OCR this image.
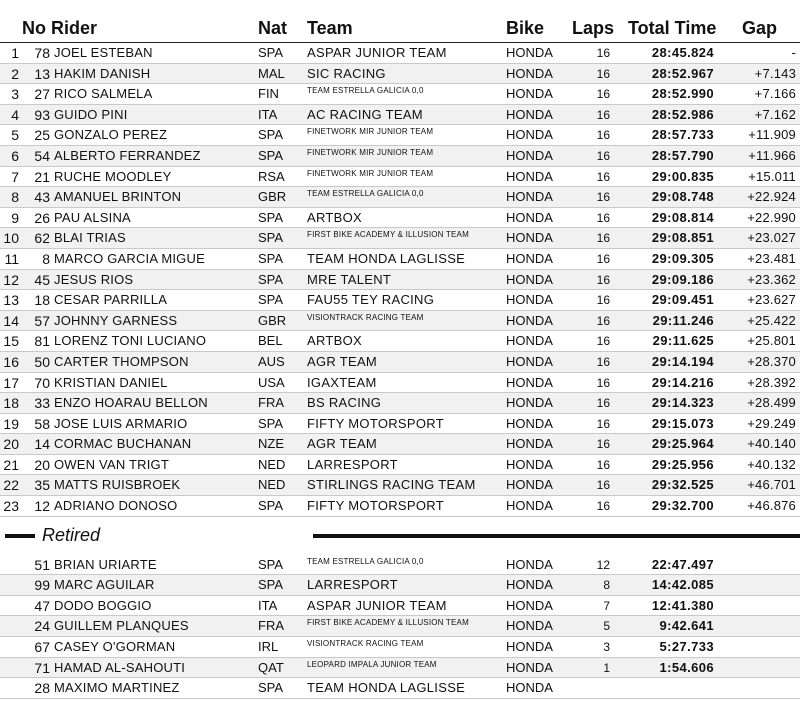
No Rider	Nat Team	Bike Laps Total Time Gap
1	78 JOEL ESTEBAN	SPA ASPAR JUNIOR TEAM	HONDA	16	28:45.824	-
2	13 HAKIM DANISH	MAL SIC RACING	HONDA	16	28:52.967	+7.143
3	27 RICO SALMELA	FIN	TEAM ESTRELLA GALICIA 0,0	HONDA	16	28:52.990	+7.166
4	93 GUIDO PINI	ITA AC RACING TEAM	HONDA	16	28:52.986	+7.162
5	25 GONZALO PEREZ	SPA	FINETWORK MIR JUNIOR TEAM	HONDA	16	28:57.733	+11.909
6	54 ALBERTO FERRANDEZ	SPA	FINETWORK MIR JUNIOR TEAM	HONDA	16	28:57.790	+11.966
7	21 RUCHE MOODLEY	RSA	FINETWORK MIR JUNIOR TEAM	HONDA	16	29:00.835	+15.011
8	43 AMANUEL BRINTON	GBR	TEAM ESTRELLA GALICIA 0,0	HONDA	16	29:08.748	+22.924
9	26 PAU ALSINA	SPA ARTBOX	HONDA	16	29:08.814	+22.990
10	62 BLAI TRIAS	SPA	FIRST BIKE ACADEMY & ILLUSION TEAM	HONDA	16	29:08.851	+23.027
11	8 MARCO GARCIA MIGUE	SPA TEAM HONDA LAGLISSE	HONDA	16	29:09.305	+23.481
12	45 JESUS RIOS	SPA MRE TALENT	HONDA	16	29:09.186	+23.362
13	18 CESAR PARRILLA	SPA FAU55 TEY RACING	HONDA	16	29:09.451	+23.627
14	57 JOHNNY GARNESS	GBR	VISIONTRACK RACING TEAM	HONDA	16	29:11.246	+25.422
15	81 LORENZ TONI LUCIANO	BEL ARTBOX	HONDA	16	29:11.625	+25.801
16	50 CARTER THOMPSON	AUS AGR TEAM	HONDA	16	29:14.194	+28.370
17	70 KRISTIAN DANIEL	USA IGAXTEAM	HONDA	16	29:14.216	+28.392
18	33 ENZO HOARAU BELLON	FRA BS RACING	HONDA	16	29:14.323	+28.499
19	58 JOSE LUIS ARMARIO	SPA FIFTY MOTORSPORT	HONDA	16	29:15.073	+29.249
20	14 CORMAC BUCHANAN	NZE AGR TEAM	HONDA	16	29:25.964	+40.140
21	20 OWEN VAN TRIGT	NED LARRESPORT	HONDA	16	29:25.956	+40.132
22	35 MATTS RUISBROEK	NED STIRLINGS RACING TEAM HONDA	16	29:32.525	+46.701
23	12 ADRIANO DONOSO	SPA FIFTY MOTORSPORT	HONDA	16	29:32.700	+46.876
Retired
51 BRIAN URIARTE	SPA	TEAM ESTRELLA GALICIA 0,0	HONDA	12	22:47.497
99 MARC AGUILAR	SPA LARRESPORT	HONDA	8	14:42.085
47 DODO BOGGIO	ITA ASPAR JUNIOR TEAM	HONDA	7	12:41.380
24 GUILLEM PLANQUES	FRA	FIRST BIKE ACADEMY & ILLUSION TEAM	HONDA	5	9:42.641
67 CASEY O'GORMAN	IRL	VISIONTRACK RACING TEAM	HONDA	3	5:27.733
71 HAMAD AL-SAHOUTI	QAT	LEOPARD IMPALA JUNIOR TEAM	HONDA	1	1:54.606
28 MAXIMO MARTINEZ	SPA TEAM HONDA LAGLISSE	HONDA
